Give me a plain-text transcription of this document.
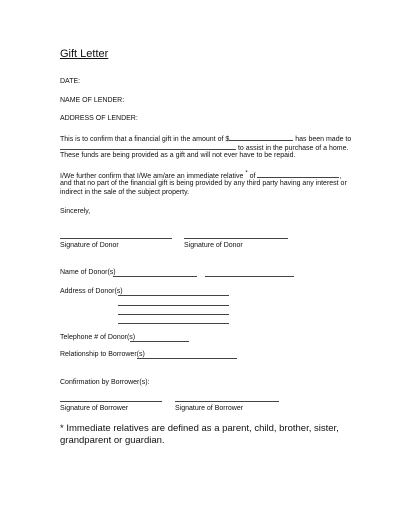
Gift Letter
DATE:
NAME OF LENDER:
ADDRESS OF LENDER:
This is to confirm that a financial gift in the amount of $	has been made to
to assist in the purchase of a home.
These funds are being provided as a gift and will not ever have to be repaid.
I/We further confirm that I/We am/are an immediate relative * of	,
and that no part of the financial gift is being provided by any third party having any interest or
indirect in the sale of the subject property.
Sincerely,
Signature of Donor	Signature of Donor
Name of Donor(s)
Address of Donor(s)
Telephone # of Donor(s)
Relationship to Borrower(s)
Confirmation by Borrower(s):
Signature of Borrower	Signature of Borrower
* Immediate relatives are defined as a parent, child, brother, sister,
grandparent or guardian.
